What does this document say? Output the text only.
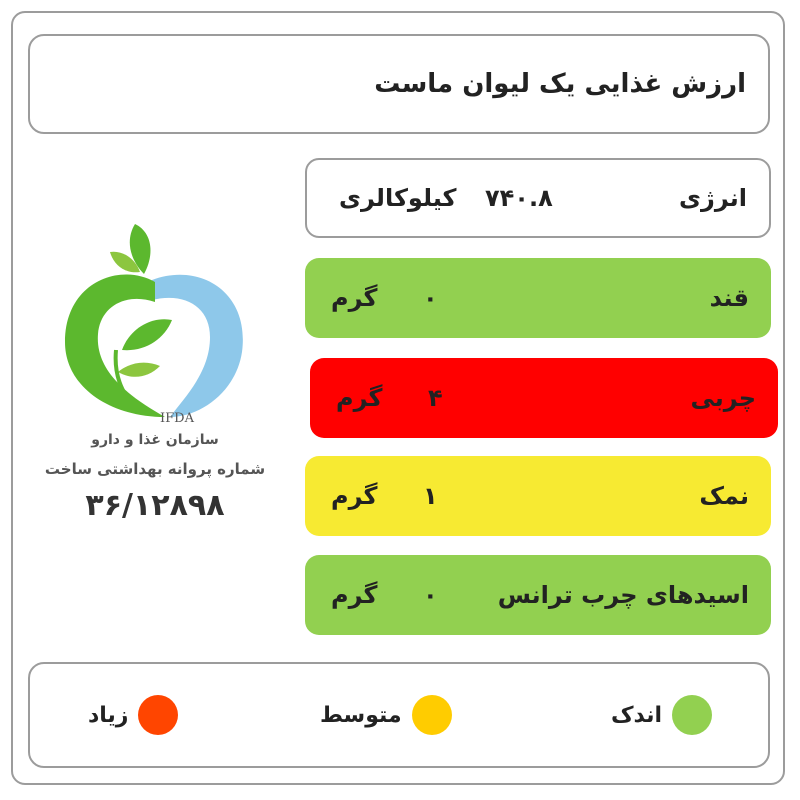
ارزش غذایی یک لیوان ماست
IFDA
سازمان غذا و دارو
شماره پروانه بهداشتی ساخت
۳۶/۱۲۸۹۸
انرژی
۷۴۰.۸
کیلوکالری
قند
۰
گرم
چربی
۴
گرم
نمک
۱
گرم
اسیدهای چرب ترانس
۰
گرم
اندک
متوسط
زیاد
